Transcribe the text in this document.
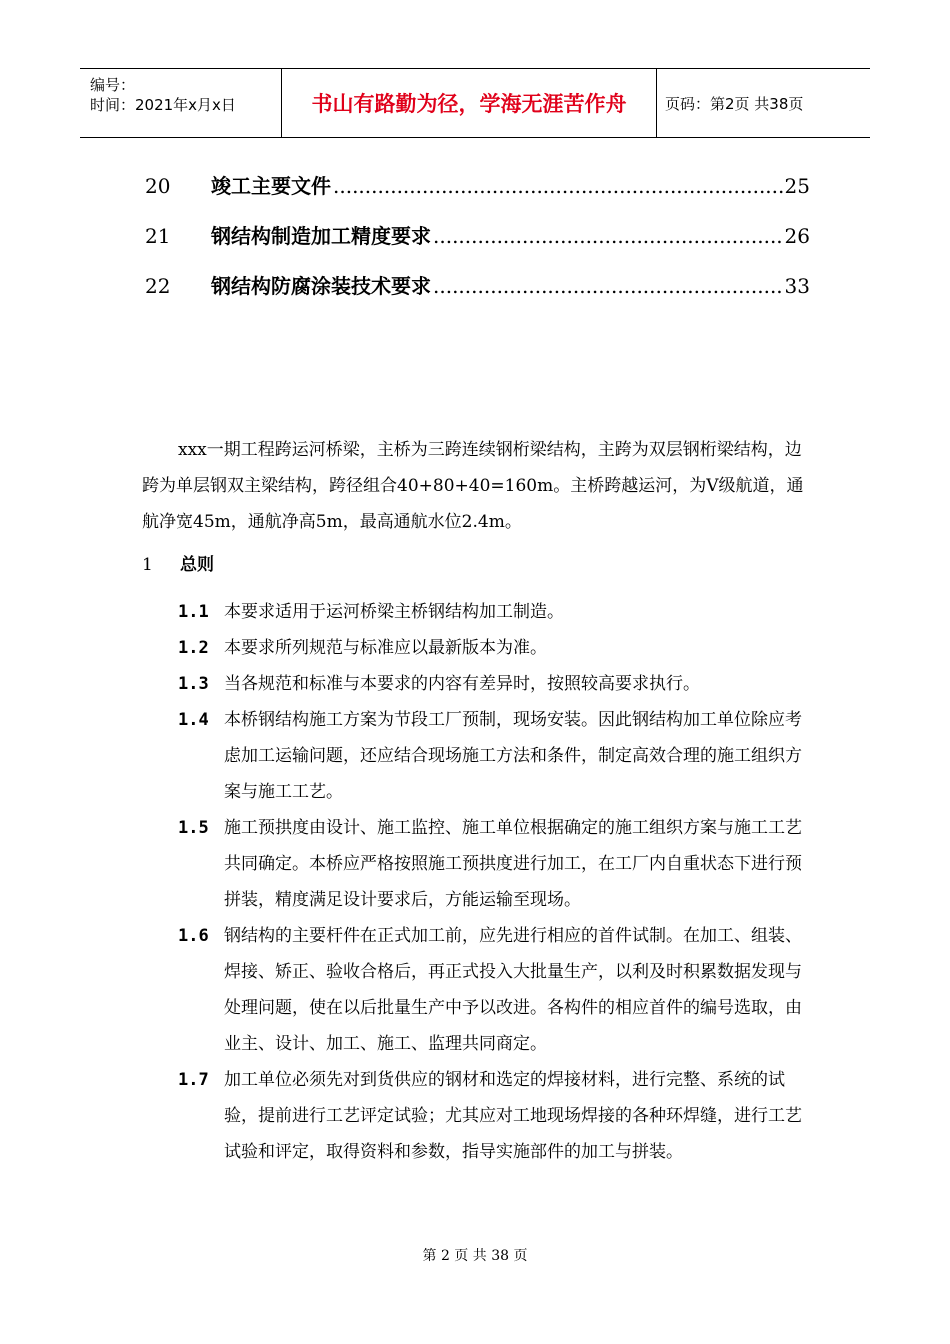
编号：
时间：2021年x月x日	书山有路勤为径，学海无涯苦作舟	页码：第2页 共38页
20	竣工主要文件 .....	25
21	钢结构制造加工精度要求 .....	26
22	钢结构防腐涂装技术要求 .....	33

xxx一期工程跨运河桥梁，主桥为三跨连续钢桁梁结构，主跨为双层钢桁梁结构，边跨为单层钢双主梁结构，跨径组合40+80+40=160m。主桥跨越运河，为Ⅴ级航道，通航净宽45m，通航净高5m，最高通航水位2.4m。

1 总则
1.1 本要求适用于运河桥梁主桥钢结构加工制造。
1.2 本要求所列规范与标准应以最新版本为准。
1.3 当各规范和标准与本要求的内容有差异时，按照较高要求执行。
1.4 本桥钢结构施工方案为节段工厂预制，现场安装。因此钢结构加工单位除应考虑加工运输问题，还应结合现场施工方法和条件，制定高效合理的施工组织方案与施工工艺。
1.5 施工预拱度由设计、施工监控、施工单位根据确定的施工组织方案与施工工艺共同确定。本桥应严格按照施工预拱度进行加工，在工厂内自重状态下进行预拼装，精度满足设计要求后，方能运输至现场。
1.6 钢结构的主要杆件在正式加工前，应先进行相应的首件试制。在加工、组装、焊接、矫正、验收合格后，再正式投入大批量生产，以利及时积累数据发现与处理问题，使在以后批量生产中予以改进。各构件的相应首件的编号选取，由业主、设计、加工、施工、监理共同商定。
1.7 加工单位必须先对到货供应的钢材和选定的焊接材料，进行完整、系统的试验，提前进行工艺评定试验；尤其应对工地现场焊接的各种环焊缝，进行工艺试验和评定，取得资料和参数，指导实施部件的加工与拼装。
第 2 页 共 38 页
